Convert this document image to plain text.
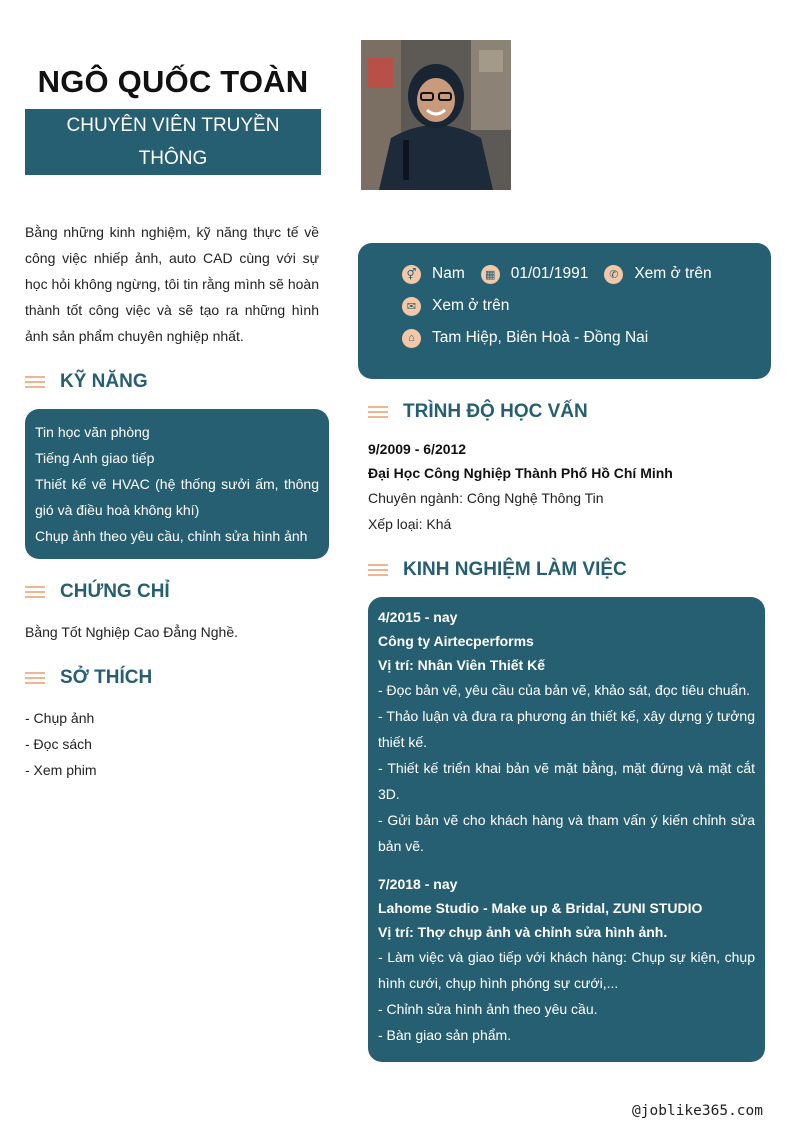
NGÔ QUỐC TOÀN
CHUYÊN VIÊN TRUYỀN THÔNG
Bằng những kinh nghiệm, kỹ năng thực tế về công việc nhiếp ảnh, auto CAD cùng với sự học hỏi không ngừng, tôi tin rằng mình sẽ hoàn thành tốt công việc và sẽ tạo ra những hình ảnh sản phẩm chuyên nghiệp nhất.
KỸ NĂNG
Tin học văn phòng
Tiếng Anh giao tiếp
Thiết kế vẽ HVAC (hệ thống sưởi ấm, thông gió và điều hoà không khí)
Chụp ảnh theo yêu cầu, chỉnh sửa hình ảnh
CHỨNG CHỈ
Bằng Tốt Nghiệp Cao Đẳng Nghề.
SỞ THÍCH
- Chụp ảnh
- Đọc sách
- Xem phim
⚥ Nam	▦ 01/01/1991	✆	Xem ở trên
✉	Xem ở trên
⌂	Tam Hiệp, Biên Hoà - Đồng Nai
TRÌNH ĐỘ HỌC VẤN
9/2009 - 6/2012
Đại Học Công Nghiệp Thành Phố Hồ Chí Minh
Chuyên ngành: Công Nghệ Thông Tin
Xếp loại: Khá
KINH NGHIỆM LÀM VIỆC
4/2015 - nay
Công ty Airtecperforms
Vị trí: Nhân Viên Thiết Kế
- Đọc bản vẽ, yêu cầu của bản vẽ, khảo sát, đọc tiêu chuẩn.
- Thảo luận và đưa ra phương án thiết kế, xây dựng ý tưởng thiết kế.
- Thiết kế triển khai bản vẽ mặt bằng, mặt đứng và mặt cắt 3D.
- Gửi bản vẽ cho khách hàng và tham vấn ý kiến chỉnh sửa bản vẽ.
7/2018 - nay
Lahome Studio - Make up & Bridal, ZUNI STUDIO
Vị trí: Thợ chụp ảnh và chỉnh sửa hình ảnh.
- Làm việc và giao tiếp với khách hàng: Chụp sự kiện, chụp hình cưới, chụp hình phóng sự cưới,...
- Chỉnh sửa hình ảnh theo yêu cầu.
- Bàn giao sản phẩm.
@joblike365.com
